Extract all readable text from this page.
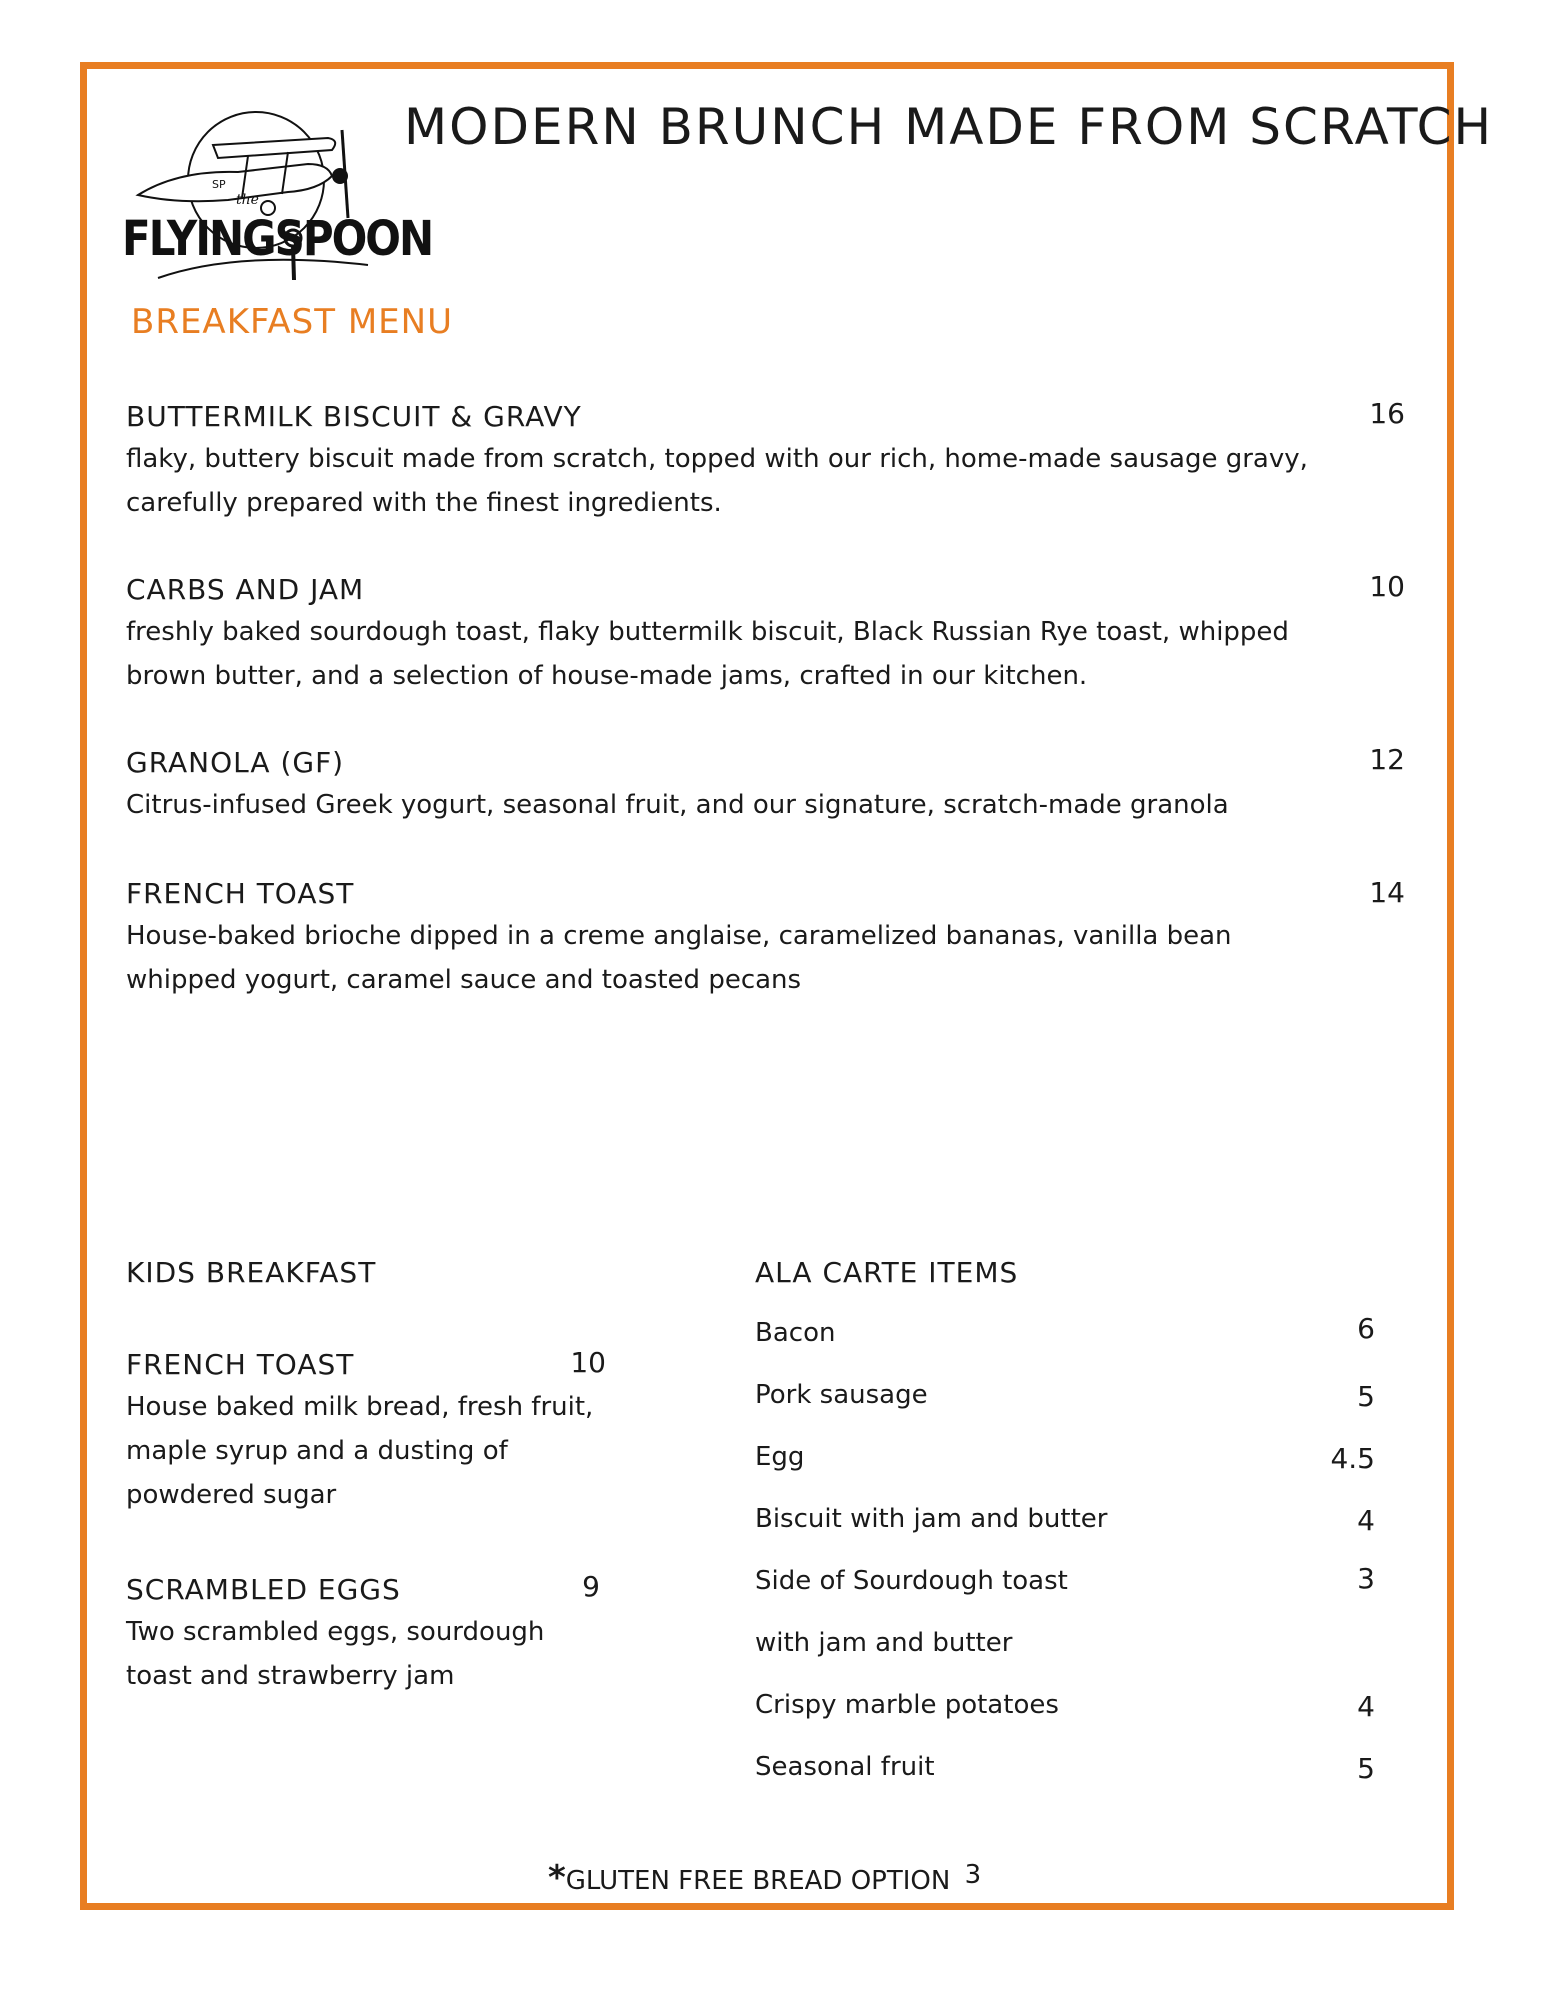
SP
the
FLYINGSPOON
MODERN BRUNCH MADE FROM SCRATCH
BREAKFAST MENU
BUTTERMILK BISCUIT & GRAVY
flaky, buttery biscuit made from scratch, topped with our rich, home-made sausage gravy, carefully prepared with the finest ingredients.
16
CARBS AND JAM
freshly baked sourdough toast, flaky buttermilk biscuit, Black Russian Rye toast, whipped brown butter, and a selection of house-made jams, crafted in our kitchen.
10
GRANOLA (GF)
Citrus-infused Greek yogurt, seasonal fruit, and our signature, scratch-made granola
12
FRENCH TOAST
House-baked brioche dipped in a creme anglaise, caramelized bananas, vanilla bean whipped yogurt, caramel sauce and toasted pecans
14
KIDS BREAKFAST
FRENCH TOAST
House baked milk bread, fresh fruit, maple syrup and a dusting of powdered sugar
10
SCRAMBLED EGGS
Two scrambled eggs, sourdough toast and strawberry jam
9
ALA CARTE ITEMS
Bacon	6
Pork sausage	5
Egg	4.5
Biscuit with jam and butter	4
Side of Sourdough toast	3
with jam and butter
Crispy marble potatoes	4
Seasonal fruit	5
*GLUTEN FREE BREAD OPTION 3
